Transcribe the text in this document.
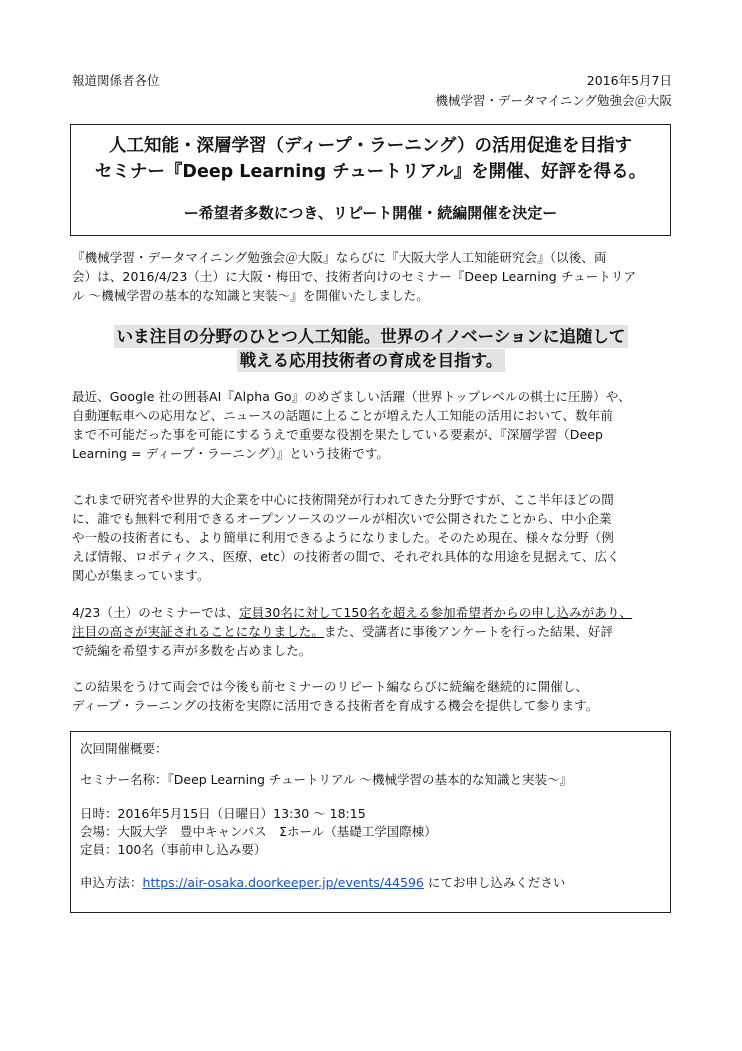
報道関係者各位	2016年5月7日
機械学習・データマイニング勉強会＠大阪
人工知能・深層学習（ディープ・ラーニング）の活用促進を目指す
セミナー『Deep Learning チュートリアル』を開催、好評を得る。
ー希望者多数につき、リピート開催・続編開催を決定ー
『機械学習・データマイニング勉強会＠大阪』ならびに『大阪大学人工知能研究会』（以後、両
会）は、2016/4/23（土）に大阪・梅田で、技術者向けのセミナー『Deep Learning チュートリア
ル ～機械学習の基本的な知識と実装～』を開催いたしました。
いま注目の分野のひとつ人工知能。世界のイノベーションに追随して
戦える応用技術者の育成を目指す。
最近、Google 社の囲碁AI『Alpha Go』のめざましい活躍（世界トップレベルの棋士に圧勝）や、
自動運転車への応用など、ニュースの話題に上ることが増えた人工知能の活用において、数年前
まで不可能だった事を可能にするうえで重要な役割を果たしている要素が、『深層学習（Deep
Learning = ディープ・ラーニング）』という技術です。
これまで研究者や世界的大企業を中心に技術開発が行われてきた分野ですが、ここ半年ほどの間
に、誰でも無料で利用できるオープンソースのツールが相次いで公開されたことから、中小企業
や一般の技術者にも、より簡単に利用できるようになりました。そのため現在、様々な分野（例
えば情報、ロボティクス、医療、etc）の技術者の間で、それぞれ具体的な用途を見据えて、広く
関心が集まっています。
4/23（土）のセミナーでは、定員30名に対して150名を超える参加希望者からの申し込みがあり、
注目の高さが実証されることになりました。また、受講者に事後アンケートを行った結果、好評
で続編を希望する声が多数を占めました。
この結果をうけて両会では今後も前セミナーのリピート編ならびに続編を継続的に開催し、
ディープ・ラーニングの技術を実際に活用できる技術者を育成する機会を提供して参ります。
次回開催概要：
セミナー名称：『Deep Learning チュートリアル ～機械学習の基本的な知識と実装～』
日時：2016年5月15日（日曜日）13:30 〜 18:15
会場：大阪大学　豊中キャンパス　Σホール（基礎工学国際棟）
定員：100名（事前申し込み要）
申込方法：https://air-osaka.doorkeeper.jp/events/44596 にてお申し込みください
